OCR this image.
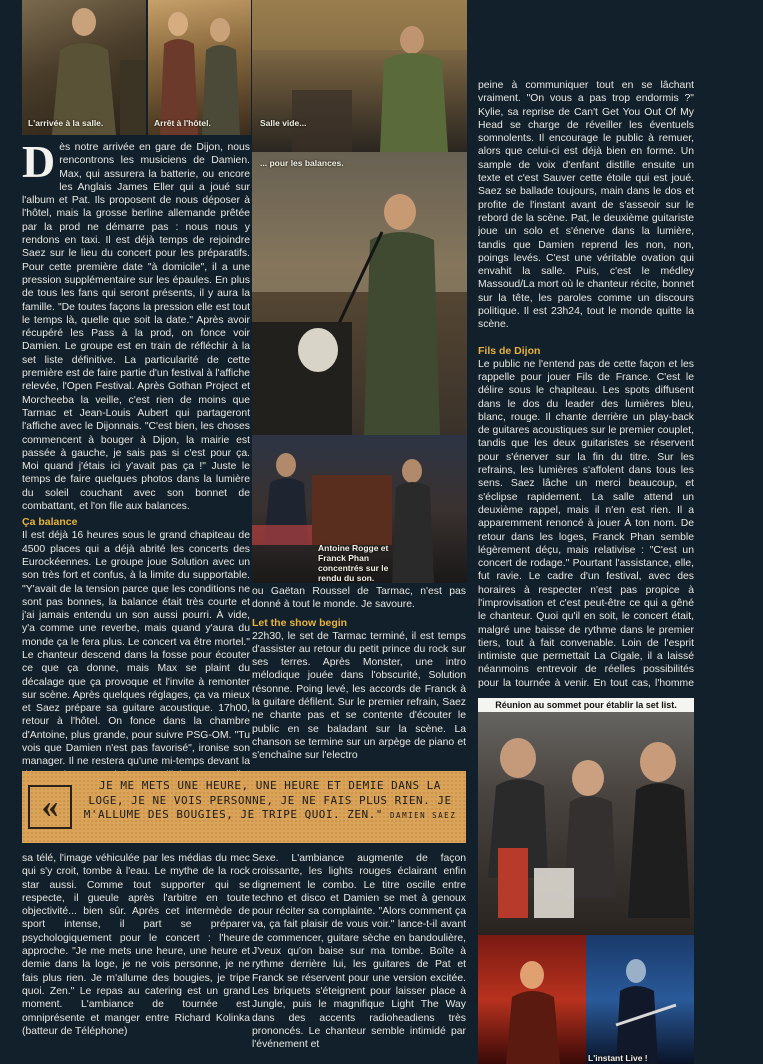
L'arrivée à la salle.	Arrêt à l'hôtel.	Salle vide...
... pour les balances.
Antoine Rogge et Franck Phan concentrés sur le rendu du son.
Réunion au sommet pour établir la set list.
L'instant Live !

Dès notre arrivée en gare de Dijon, nous rencontrons les musiciens de Damien. Max, qui assurera la batterie, ou encore les Anglais James Eller qui a joué sur l'album et Pat. Ils proposent de nous déposer à l'hôtel, mais la grosse berline allemande prêtée par la prod ne démarre pas : nous nous y rendons en taxi. Il est déjà temps de rejoindre Saez sur le lieu du concert pour les préparatifs. Pour cette première date "à domicile", il a une pression supplémentaire sur les épaules. En plus de tous les fans qui seront présents, il y aura la famille. "De toutes façons la pression elle est tout le temps là, quelle que soit la date." Après avoir récupéré les Pass à la prod, on fonce voir Damien. Le groupe est en train de réfléchir à la set liste définitive. La particularité de cette première est de faire partie d'un festival à l'affiche relevée, l'Open Festival. Après Gothan Project et Morcheeba la veille, c'est rien de moins que Tarmac et Jean-Louis Aubert qui partageront l'affiche avec le Dijonnais. "C'est bien, les choses commencent à bouger à Dijon, la mairie est passée à gauche, je sais pas si c'est pour ça. Moi quand j'étais ici y'avait pas ça !" Juste le temps de faire quelques photos dans la lumière du soleil couchant avec son bonnet de combattant, et l'on file aux balances.

Ça balance

Il est déjà 16 heures sous le grand chapiteau de 4500 places qui a déjà abrité les concerts des Eurockéennes. Le groupe joue Solution avec un son très fort et confus, à la limite du supportable. "Y'avait de la tension parce que les conditions ne sont pas bonnes, la balance était très courte et j'ai jamais entendu un son aussi pourri. À vide, y'a comme une reverbe, mais quand y'aura du monde ça le fera plus. Le concert va être mortel." Le chanteur descend dans la fosse pour écouter ce que ça donne, mais Max se plaint du décalage que ça provoque et l'invite à remonter sur scène. Après quelques réglages, ça va mieux et Saez prépare sa guitare acoustique. 17h00, retour à l'hôtel. On fonce dans la chambre d'Antoine, plus grande, pour suivre PSG-OM. "Tu vois que Damien n'est pas favorisé", ironise son manager. Il ne restera qu'une mi-temps devant la

ou Gaëtan Roussel de Tarmac, n'est pas donné à tout le monde. Je savoure.

Let the show begin

22h30, le set de Tarmac terminé, il est temps d'assister au retour du petit prince du rock sur ses terres. Après Monster, une intro mélodique jouée dans l'obscurité, Solution résonne. Poing levé, les accords de Franck à la guitare défilent. Sur le premier refrain, Saez ne chante pas et se contente d'écouter le public en se baladant sur la scène. La chanson se termine sur un arpège de piano et s'enchaîne sur l'electro

peine à communiquer tout en se lâchant vraiment. "On vous a pas trop endormis ?" Kylie, sa reprise de Can't Get You Out Of My Head se charge de réveiller les éventuels somnolents. Il encourage le public à remuer, alors que celui-ci est déjà bien en forme. Un sample de voix d'enfant distille ensuite un texte et c'est Sauver cette étoile qui est joué. Saez se ballade toujours, main dans le dos et profite de l'instant avant de s'asseoir sur le rebord de la scène. Pat, le deuxième guitariste joue un solo et s'énerve dans la lumière, tandis que Damien reprend les non, non, poings levés. C'est une véritable ovation qui envahit la salle. Puis, c'est le médley Massoud/La mort où le chanteur récite, bonnet sur la tête, les paroles comme un discours politique. Il est 23h24, tout le monde quitte la scène.

Fils de Dijon

Le public ne l'entend pas de cette façon et les rappelle pour jouer Fils de France. C'est le délire sous le chapiteau. Les spots diffusent dans le dos du leader des lumières bleu, blanc, rouge. Il chante derrière un play-back de guitares acoustiques sur le premier couplet, tandis que les deux guitaristes se réservent pour s'énerver sur la fin du titre. Sur les refrains, les lumières s'affolent dans tous les sens. Saez lâche un merci beaucoup, et s'éclipse rapidement. La salle attend un deuxième rappel, mais il n'en est rien. Il a apparemment renoncé à jouer À ton nom. De retour dans les loges, Franck Phan semble légèrement déçu, mais relativise : "C'est un concert de rodage." Pourtant l'assistance, elle, fut ravie. Le cadre d'un festival, avec des horaires à respecter n'est pas propice à l'improvisation et c'est peut-être ce qui a gêné le chanteur. Quoi qu'il en soit, le concert était, malgré une baisse de rythme dans le premier tiers, tout à fait convenable. Loin de l'esprit intimiste que permettait La Cigale, il a laissé néanmoins entrevoir de réelles possibilités pour la tournée à venir. En tout cas, l'homme

«
JE ME METS UNE HEURE, UNE HEURE ET DEMIE DANS LA LOGE, JE NE VOIS PERSONNE, JE NE FAIS PLUS RIEN. JE M'ALLUME DES BOUGIES, JE TRIPE QUOI. ZEN." DAMIEN SAEZ

sa télé, l'image véhiculée par les médias du mec qui s'y croit, tombe à l'eau. Le mythe de la rock star aussi. Comme tout supporter qui se respecte, il gueule après l'arbitre en toute objectivité... bien sûr. Après cet intermède de sport intense, il part se préparer psychologiquement pour le concert : l'heure approche. "Je me mets une heure, une heure et demie dans la loge, je ne vois personne, je ne fais plus rien. Je m'allume des bougies, je tripe quoi. Zen." Le repas au catering est un grand moment. L'ambiance de tournée est omniprésente et manger entre Richard Kolinka (batteur de Téléphone)

Sexe. L'ambiance augmente de façon croissante, les lights rouges éclairant enfin dignement le combo. Le titre oscille entre techno et disco et Damien se met à genoux pour réciter sa complainte. "Alors comment ça va, ça fait plaisir de vous voir." lance-t-il avant de commencer, guitare sèche en bandoulière, J'veux qu'on baise sur ma tombe. Boîte à rythme derrière lui, les guitares de Pat et Franck se réservent pour une version excitée. Les briquets s'éteignent pour laisser place à Jungle, puis le magnifique Light The Way dans des accents radioheadiens très prononcés. Le chanteur semble intimidé par l'événement et
